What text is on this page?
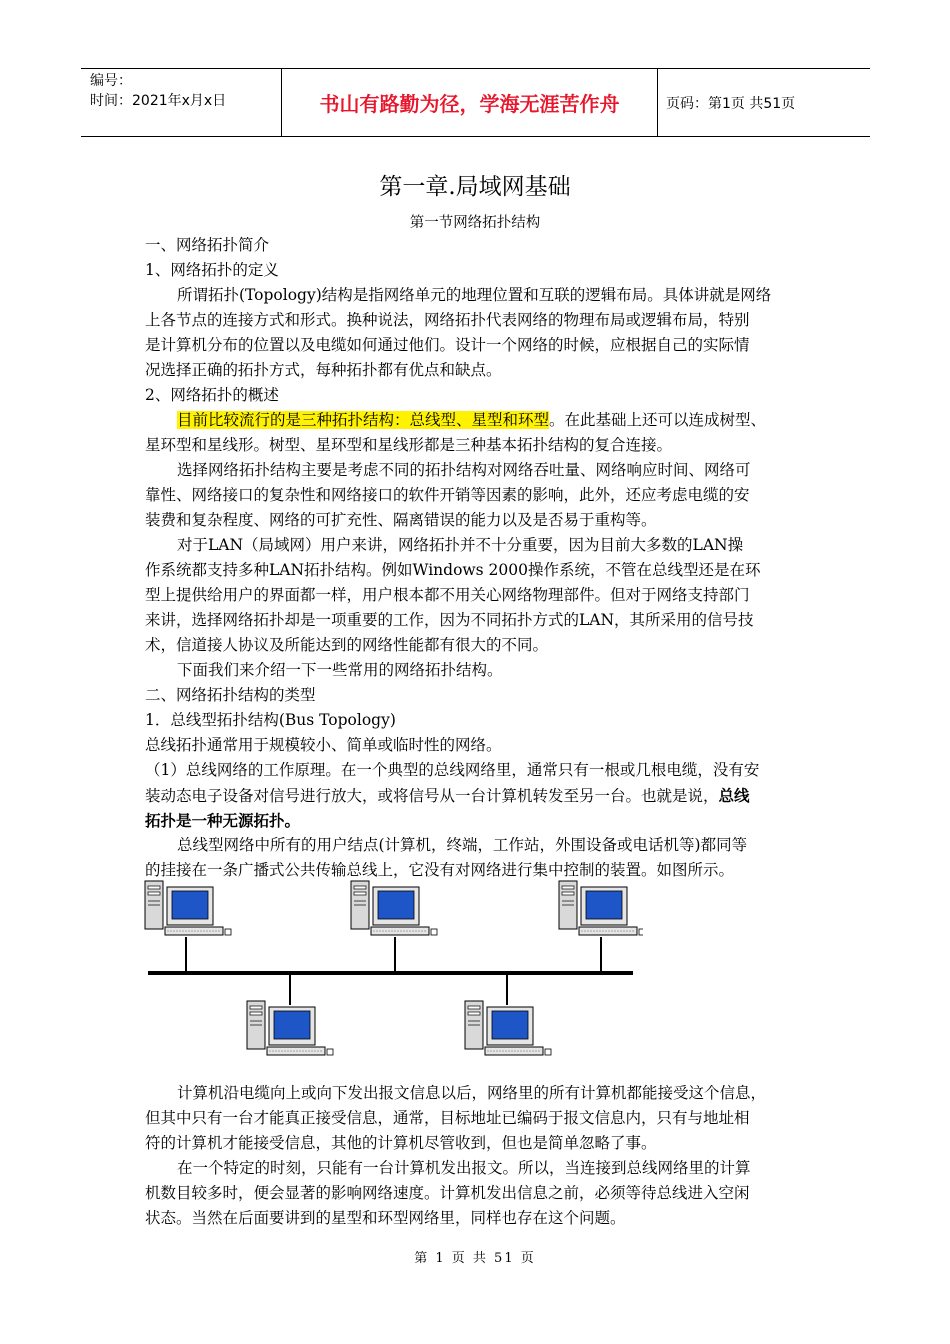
编号：
时间：2021年x月x日	书山有路勤为径，学海无涯苦作舟	页码：第1页 共51页
第一章.局域网基础
第一节网络拓扑结构
一、网络拓扑简介
1、网络拓扑的定义
所谓拓扑(Topology)结构是指网络单元的地理位置和互联的逻辑布局。具体讲就是网络
上各节点的连接方式和形式。换种说法，网络拓扑代表网络的物理布局或逻辑布局，特别
是计算机分布的位置以及电缆如何通过他们。设计一个网络的时候，应根据自己的实际情
况选择正确的拓扑方式，每种拓扑都有优点和缺点。
2、网络拓扑的概述
目前比较流行的是三种拓扑结构：总线型、星型和环型。在此基础上还可以连成树型、
星环型和星线形。树型、星环型和星线形都是三种基本拓扑结构的复合连接。
选择网络拓扑结构主要是考虑不同的拓扑结构对网络吞吐量、网络响应时间、网络可
靠性、网络接口的复杂性和网络接口的软件开销等因素的影响，此外，还应考虑电缆的安
装费和复杂程度、网络的可扩充性、隔离错误的能力以及是否易于重构等。
对于LAN（局域网）用户来讲，网络拓扑并不十分重要，因为目前大多数的LAN操
作系统都支持多种LAN拓扑结构。例如Windows 2000操作系统，不管在总线型还是在环
型上提供给用户的界面都一样，用户根本都不用关心网络物理部件。但对于网络支持部门
来讲，选择网络拓扑却是一项重要的工作，因为不同拓扑方式的LAN，其所采用的信号技
术，信道接人协议及所能达到的网络性能都有很大的不同。
下面我们来介绍一下一些常用的网络拓扑结构。
二、网络拓扑结构的类型
1．总线型拓扑结构(Bus Topology)
总线拓扑通常用于规模较小、简单或临时性的网络。
（1）总线网络的工作原理。在一个典型的总线网络里，通常只有一根或几根电缆，没有安
装动态电子设备对信号进行放大，或将信号从一台计算机转发至另一台。也就是说，总线
拓扑是一种无源拓扑。
总线型网络中所有的用户结点(计算机，终端，工作站，外围设备或电话机等)都同等
的挂接在一条广播式公共传输总线上，它没有对网络进行集中控制的装置。如图所示。
计算机沿电缆向上或向下发出报文信息以后，网络里的所有计算机都能接受这个信息，
但其中只有一台才能真正接受信息，通常，目标地址已编码于报文信息内，只有与地址相
符的计算机才能接受信息，其他的计算机尽管收到，但也是简单忽略了事。
在一个特定的时刻，只能有一台计算机发出报文。所以，当连接到总线网络里的计算
机数目较多时，便会显著的影响网络速度。计算机发出信息之前，必须等待总线进入空闲
状态。当然在后面要讲到的星型和环型网络里，同样也存在这个问题。
第 1 页 共 51 页
